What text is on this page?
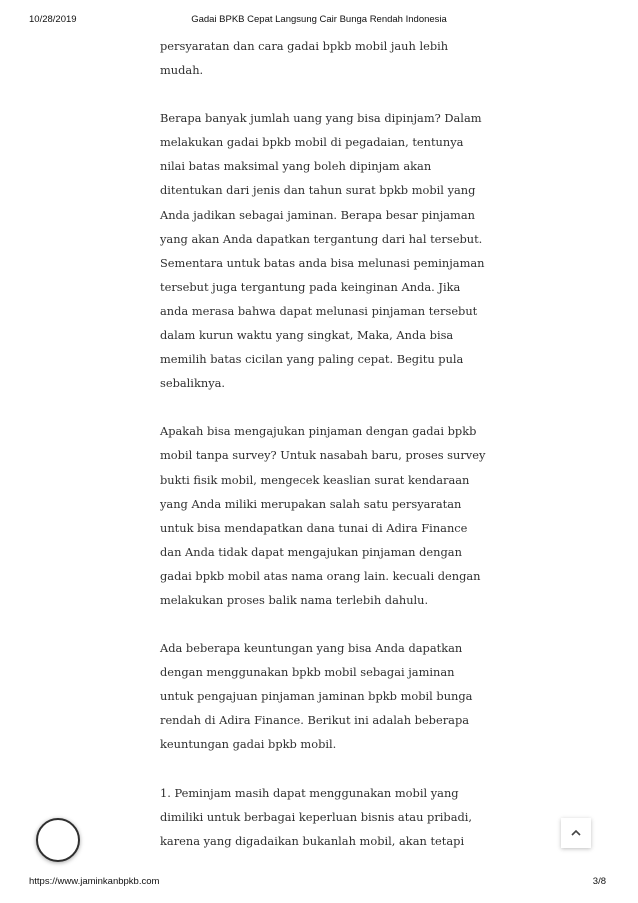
10/28/2019	Gadai BPKB Cepat Langsung Cair Bunga Rendah Indonesia

persyaratan dan cara gadai bpkb mobil jauh lebih mudah.

Berapa banyak jumlah uang yang bisa dipinjam? Dalam melakukan gadai bpkb mobil di pegadaian, tentunya nilai batas maksimal yang boleh dipinjam akan ditentukan dari jenis dan tahun surat bpkb mobil yang Anda jadikan sebagai jaminan. Berapa besar pinjaman yang akan Anda dapatkan tergantung dari hal tersebut. Sementara untuk batas anda bisa melunasi peminjaman tersebut juga tergantung pada keinginan Anda. Jika anda merasa bahwa dapat melunasi pinjaman tersebut dalam kurun waktu yang singkat, Maka, Anda bisa memilih batas cicilan yang paling cepat. Begitu pula sebaliknya.

Apakah bisa mengajukan pinjaman dengan gadai bpkb mobil tanpa survey? Untuk nasabah baru, proses survey bukti fisik mobil, mengecek keaslian surat kendaraan yang Anda miliki merupakan salah satu persyaratan untuk bisa mendapatkan dana tunai di Adira Finance dan Anda tidak dapat mengajukan pinjaman dengan gadai bpkb mobil atas nama orang lain. kecuali dengan melakukan proses balik nama terlebih dahulu.

Ada beberapa keuntungan yang bisa Anda dapatkan dengan menggunakan bpkb mobil sebagai jaminan untuk pengajuan pinjaman jaminan bpkb mobil bunga rendah di Adira Finance. Berikut ini adalah beberapa keuntungan gadai bpkb mobil.

1. Peminjam masih dapat menggunakan mobil yang dimiliki untuk berbagai keperluan bisnis atau pribadi, karena yang digadaikan bukanlah mobil, akan tetapi

https://www.jaminkanbpkb.com	3/8
